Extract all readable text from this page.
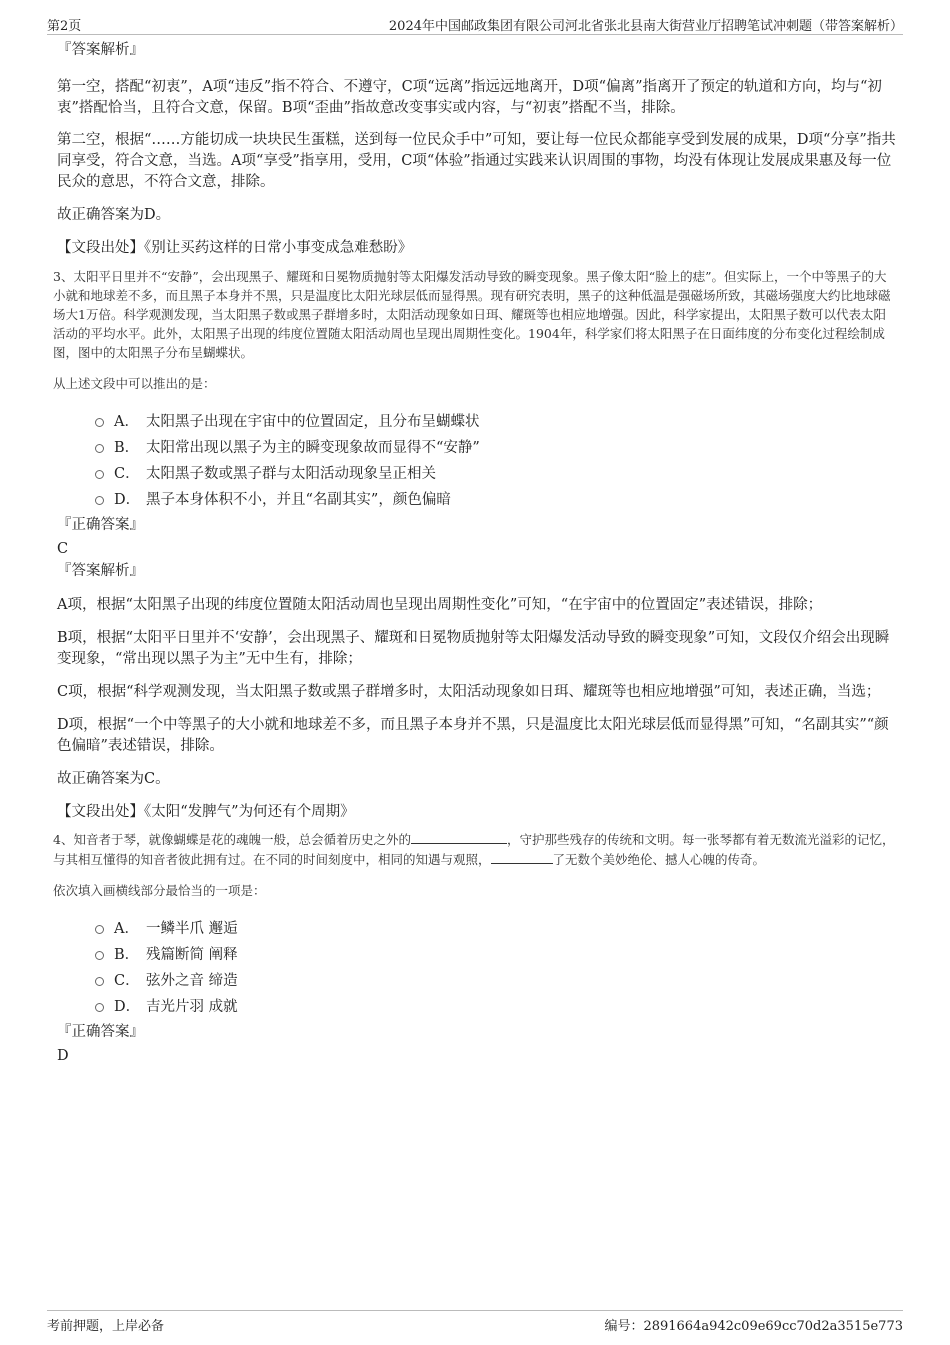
第2页	2024年中国邮政集团有限公司河北省张北县南大街营业厅招聘笔试冲刺题（带答案解析）

『答案解析』

第一空，搭配“初衷”，A项“违反”指不符合、不遵守，C项“远离”指远远地离开，D项“偏离”指离开了预定的轨道和方向，均与“初衷”搭配恰当，且符合文意，保留。B项“歪曲”指故意改变事实或内容，与“初衷”搭配不当，排除。

第二空，根据“……方能切成一块块民生蛋糕，送到每一位民众手中”可知，要让每一位民众都能享受到发展的成果，D项“分享”指共同享受，符合文意，当选。A项“享受”指享用，受用，C项“体验”指通过实践来认识周围的事物，均没有体现让发展成果惠及每一位民众的意思，不符合文意，排除。

故正确答案为D。

【文段出处】《别让买药这样的日常小事变成急难愁盼》

3、太阳平日里并不“安静”，会出现黑子、耀斑和日冕物质抛射等太阳爆发活动导致的瞬变现象。黑子像太阳“脸上的痣”。但实际上，一个中等黑子的大小就和地球差不多，而且黑子本身并不黑，只是温度比太阳光球层低而显得黑。现有研究表明，黑子的这种低温是强磁场所致，其磁场强度大约比地球磁场大1万倍。科学观测发现，当太阳黑子数或黑子群增多时，太阳活动现象如日珥、耀斑等也相应地增强。因此，科学家提出，太阳黑子数可以代表太阳活动的平均水平。此外，太阳黑子出现的纬度位置随太阳活动周也呈现出周期性变化。1904年，科学家们将太阳黑子在日面纬度的分布变化过程绘制成图，图中的太阳黑子分布呈蝴蝶状。

从上述文段中可以推出的是：

A． 太阳黑子出现在宇宙中的位置固定，且分布呈蝴蝶状
B． 太阳常出现以黑子为主的瞬变现象故而显得不“安静”
C． 太阳黑子数或黑子群与太阳活动现象呈正相关
D． 黑子本身体积不小，并且“名副其实”，颜色偏暗

『正确答案』

C

『答案解析』

A项，根据“太阳黑子出现的纬度位置随太阳活动周也呈现出周期性变化”可知，“在宇宙中的位置固定”表述错误，排除；

B项，根据“太阳平日里并不‘安静’，会出现黑子、耀斑和日冕物质抛射等太阳爆发活动导致的瞬变现象”可知，文段仅介绍会出现瞬变现象，“常出现以黑子为主”无中生有，排除；

C项，根据“科学观测发现，当太阳黑子数或黑子群增多时，太阳活动现象如日珥、耀斑等也相应地增强”可知，表述正确，当选；

D项，根据“一个中等黑子的大小就和地球差不多，而且黑子本身并不黑，只是温度比太阳光球层低而显得黑”可知，“名副其实”“颜色偏暗”表述错误，排除。

故正确答案为C。

【文段出处】《太阳“发脾气”为何还有个周期》

4、知音者于琴，就像蝴蝶是花的魂魄一般，总会循着历史之外的	，守护那些残存的传统和文明。每一张琴都有着无数流光溢彩的记忆，与其相互懂得的知音者彼此拥有过。在不同的时间刻度中，相同的知遇与观照，	了无数个美妙绝伦、撼人心魄的传奇。

依次填入画横线部分最恰当的一项是：

A． 一鳞半爪 邂逅
B． 残篇断简 阐释
C． 弦外之音 缔造
D． 吉光片羽 成就

『正确答案』

D

考前押题，上岸必备	编号：2891664a942c09e69cc70d2a3515e773
